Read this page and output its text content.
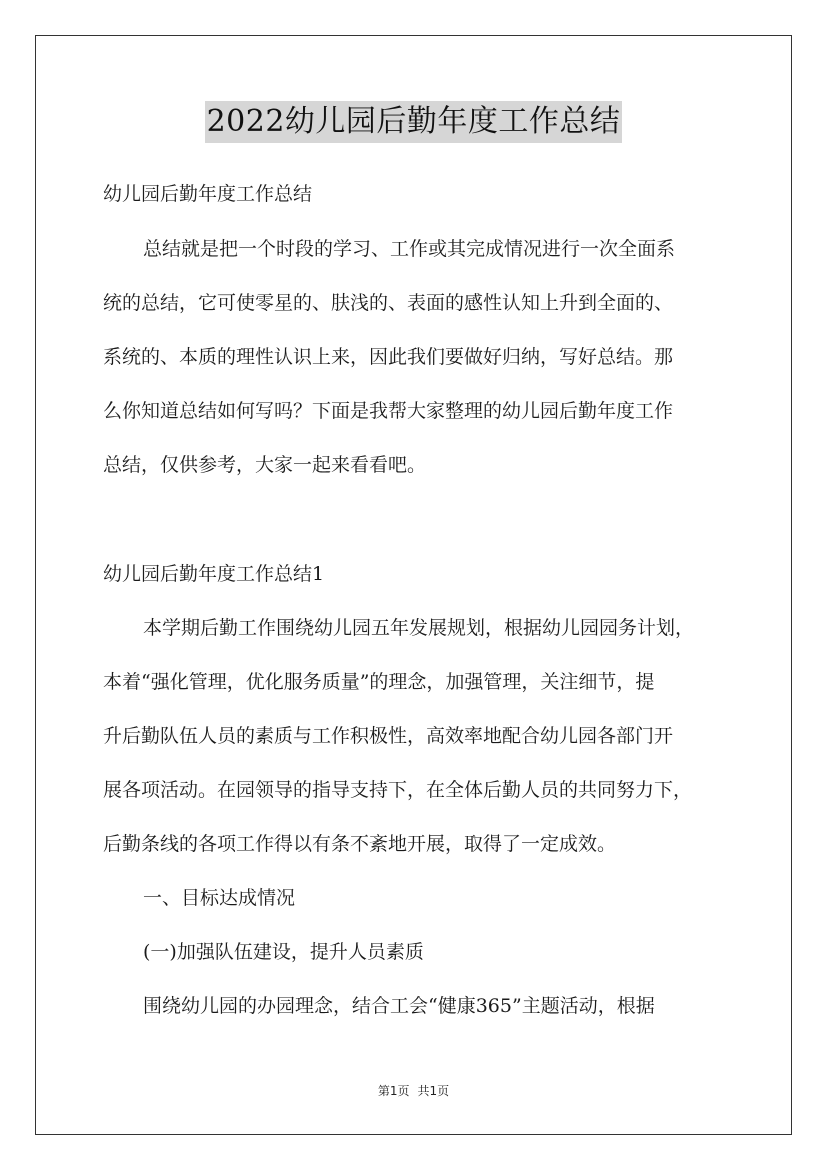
2022幼儿园后勤年度工作总结
幼儿园后勤年度工作总结
总结就是把一个时段的学习、工作或其完成情况进行一次全面系
统的总结，它可使零星的、肤浅的、表面的感性认知上升到全面的、
系统的、本质的理性认识上来，因此我们要做好归纳，写好总结。那
么你知道总结如何写吗？下面是我帮大家整理的幼儿园后勤年度工作
总结，仅供参考，大家一起来看看吧。
幼儿园后勤年度工作总结1
本学期后勤工作围绕幼儿园五年发展规划，根据幼儿园园务计划，
本着“强化管理，优化服务质量”的理念，加强管理，关注细节，提
升后勤队伍人员的素质与工作积极性，高效率地配合幼儿园各部门开
展各项活动。在园领导的指导支持下，在全体后勤人员的共同努力下，
后勤条线的各项工作得以有条不紊地开展，取得了一定成效。
一、目标达成情况
(一)加强队伍建设，提升人员素质
围绕幼儿园的办园理念，结合工会“健康365”主题活动，根据
第1页 共1页
